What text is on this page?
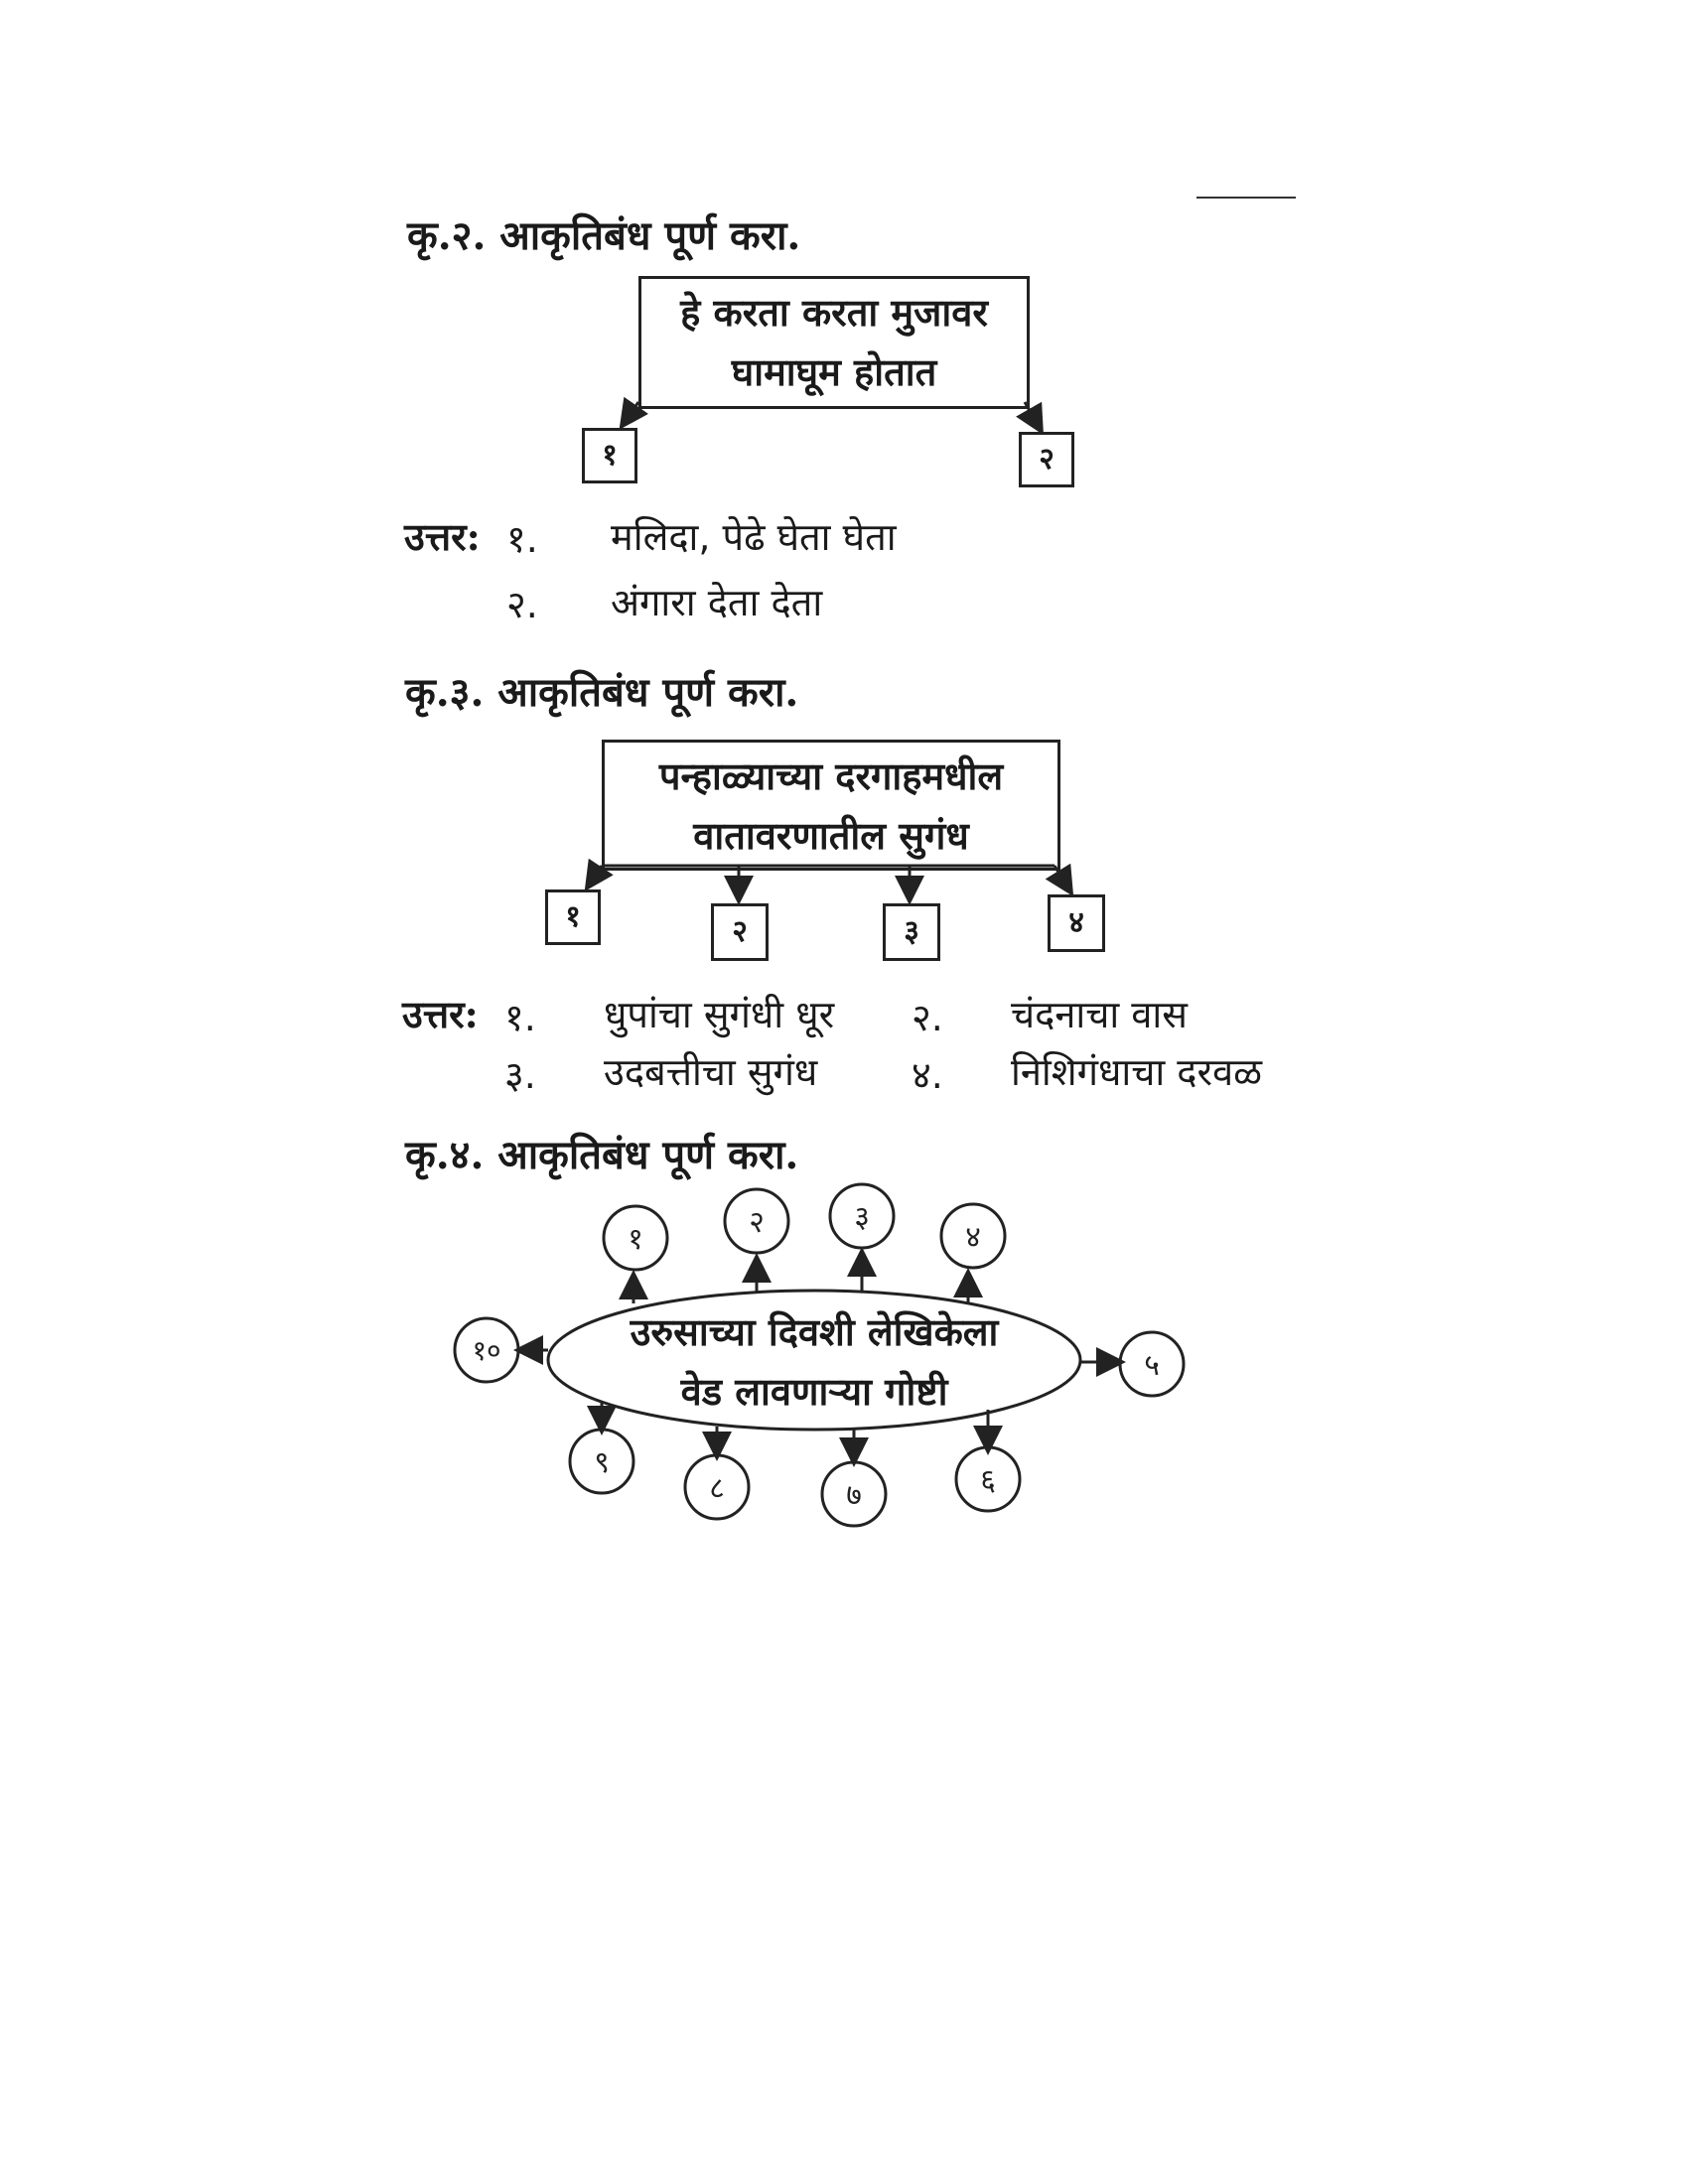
कृ.२. आकृतिबंध पूर्ण करा.
हे करता करता मुजावर
घामाघूम होतात
१	२	३
४
५
६
७
८
९
१०
१	२
उत्तर: १. मलिदा, पेढे घेता घेता
२. अंगारा देता देता
कृ.३. आकृतिबंध पूर्ण करा.
पन्हाळ्याच्या दरगाहमधील
वातावरणातील सुगंध
१	२	३	४
उत्तर: १. धुपांचा सुगंधी धूर २. चंदनाचा वास
३. उदबत्तीचा सुगंध ४. निशिगंधाचा दरवळ
कृ.४. आकृतिबंध पूर्ण करा.
उरुसाच्या दिवशी लेखिकेला
वेड लावणाऱ्या गोष्टी
